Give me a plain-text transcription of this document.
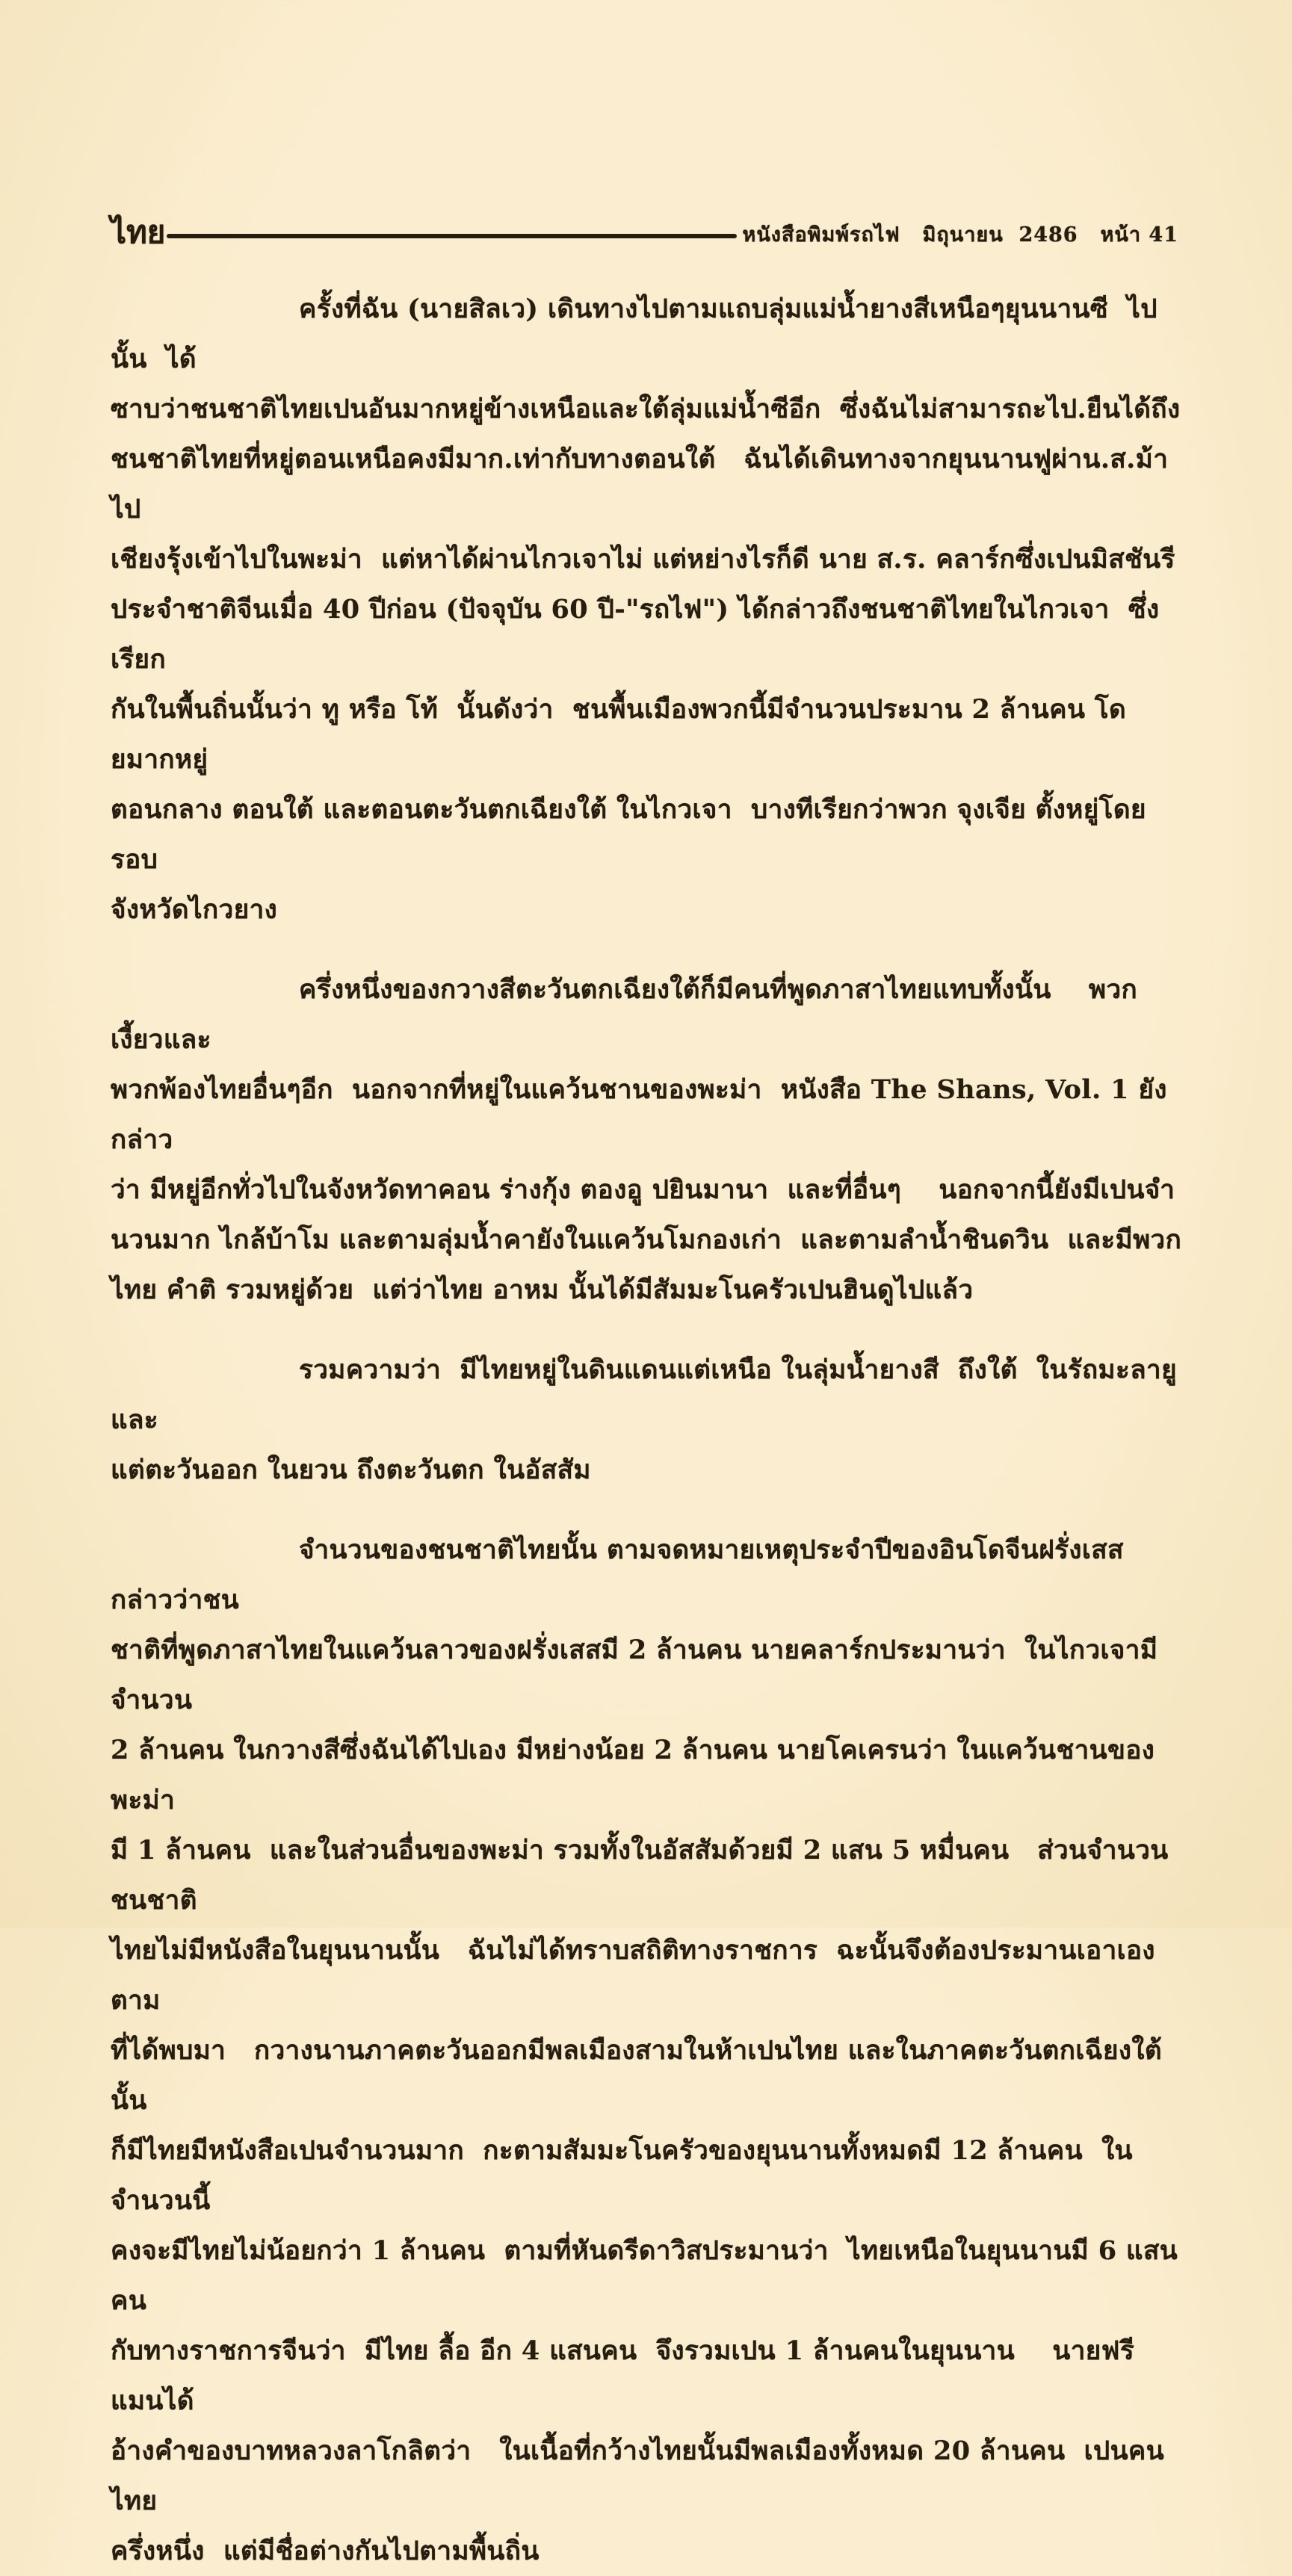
ไทย	หนังสือพิมพ์รถไฟ มิถุนายน  2486 หน้า 41
ครั้งที่ฉัน (นายสิลเว) เดินทางไปตามแถบลุ่มแม่น้ำยางสีเหนือๆยุนนานซี  ไปนั้น  ได้
ซาบว่าชนชาติไทยเปนอันมากหยู่ข้างเหนือและใต้ลุ่มแม่น้ำซีอีก  ซึ่งฉันไม่สามารถะไป.ยืนได้ถึง
ชนชาติไทยที่หยู่ตอนเหนือคงมีมาก.เท่ากับทางตอนใต้   ฉันได้เดินทางจากยุนนานฟูผ่าน.ส.ม้าไป
เชียงรุ้งเข้าไปในพะม่า  แต่หาได้ผ่านไกวเจาไม่ แต่หย่างไรก็ดี นาย ส.ร. คลาร์กซึ่งเปนมิสชันรี
ประจำชาติจีนเมื่อ 40 ปีก่อน (ปัจจุบัน 60 ปี-"รถไฟ") ได้กล่าวถึงชนชาติไทยในไกวเจา  ซึ่งเรียก
กันในพื้นถิ่นนั้นว่า ทู หรือ โท้  นั้นดังว่า  ชนพื้นเมืองพวกนี้มีจำนวนประมาน 2 ล้านคน โดยมากหยู่
ตอนกลาง ตอนใต้ และตอนตะวันตกเฉียงใต้ ในไกวเจา  บางทีเรียกว่าพวก จุงเจีย ตั้งหยู่โดยรอบ
จังหวัดไกวยาง
ครึ่งหนึ่งของกวางสีตะวันตกเฉียงใต้ก็มีคนที่พูดภาสาไทยแทบทั้งนั้น    พวกเงี้ยวและ
พวกพ้องไทยอื่นๆอีก  นอกจากที่หยู่ในแคว้นชานของพะม่า  หนังสือ The Shans, Vol. 1 ยังกล่าว
ว่า มีหยู่อีกทั่วไปในจังหวัดทาคอน ร่างกุ้ง ตองอู ปยินมานา  และที่อื่นๆ    นอกจากนี้ยังมีเปนจำ
นวนมาก ไกล้บ้าโม และตามลุ่มน้ำคายังในแคว้นโมกองเก่า  และตามลำน้ำชินดวิน  และมีพวก
ไทย คำติ รวมหยู่ด้วย  แต่ว่าไทย อาหม นั้นได้มีสัมมะโนครัวเปนฮินดูไปแล้ว
รวมความว่า  มีไทยหยู่ในดินแดนแต่เหนือ ในลุ่มน้ำยางสี  ถึงใต้  ในรัถมะลายู และ
แต่ตะวันออก ในยวน ถึงตะวันตก ในอัสสัม
จำนวนของชนชาติไทยนั้น ตามจดหมายเหตุประจำปีของอินโดจีนฝรั่งเสส กล่าวว่าชน
ชาติที่พูดภาสาไทยในแคว้นลาวของฝรั่งเสสมี 2 ล้านคน นายคลาร์กประมานว่า  ในไกวเจามีจำนวน
2 ล้านคน ในกวางสีซึ่งฉันได้ไปเอง มีหย่างน้อย 2 ล้านคน นายโคเครนว่า ในแคว้นชานของพะม่า
มี 1 ล้านคน  และในส่วนอื่นของพะม่า รวมทั้งในอัสสัมด้วยมี 2 แสน 5 หมื่นคน   ส่วนจำนวนชนชาติ
ไทยไม่มีหนังสือในยุนนานนั้น   ฉันไม่ได้ทราบสถิติทางราชการ  ฉะนั้นจึงต้องประมานเอาเองตาม
ที่ได้พบมา   กวางนานภาคตะวันออกมีพลเมืองสามในห้าเปนไทย และในภาคตะวันตกเฉียงใต้นั้น
ก็มีไทยมีหนังสือเปนจำนวนมาก  กะตามสัมมะโนครัวของยุนนานทั้งหมดมี 12 ล้านคน  ในจำนวนนี้
คงจะมีไทยไม่น้อยกว่า 1 ล้านคน  ตามที่หันดรีดาวิสประมานว่า  ไทยเหนือในยุนนานมี 6 แสนคน
กับทางราชการจีนว่า  มีไทย ลื้อ อีก 4 แสนคน  จึงรวมเปน 1 ล้านคนในยุนนาน    นายฟรีแมนได้
อ้างคำของบาทหลวงลาโกลิตว่า   ในเนื้อที่กว้างไทยนั้นมีพลเมืองทั้งหมด 20 ล้านคน  เปนคนไทย
ครึ่งหนึ่ง  แต่มีชื่อต่างกันไปตามพื้นถิ่น
